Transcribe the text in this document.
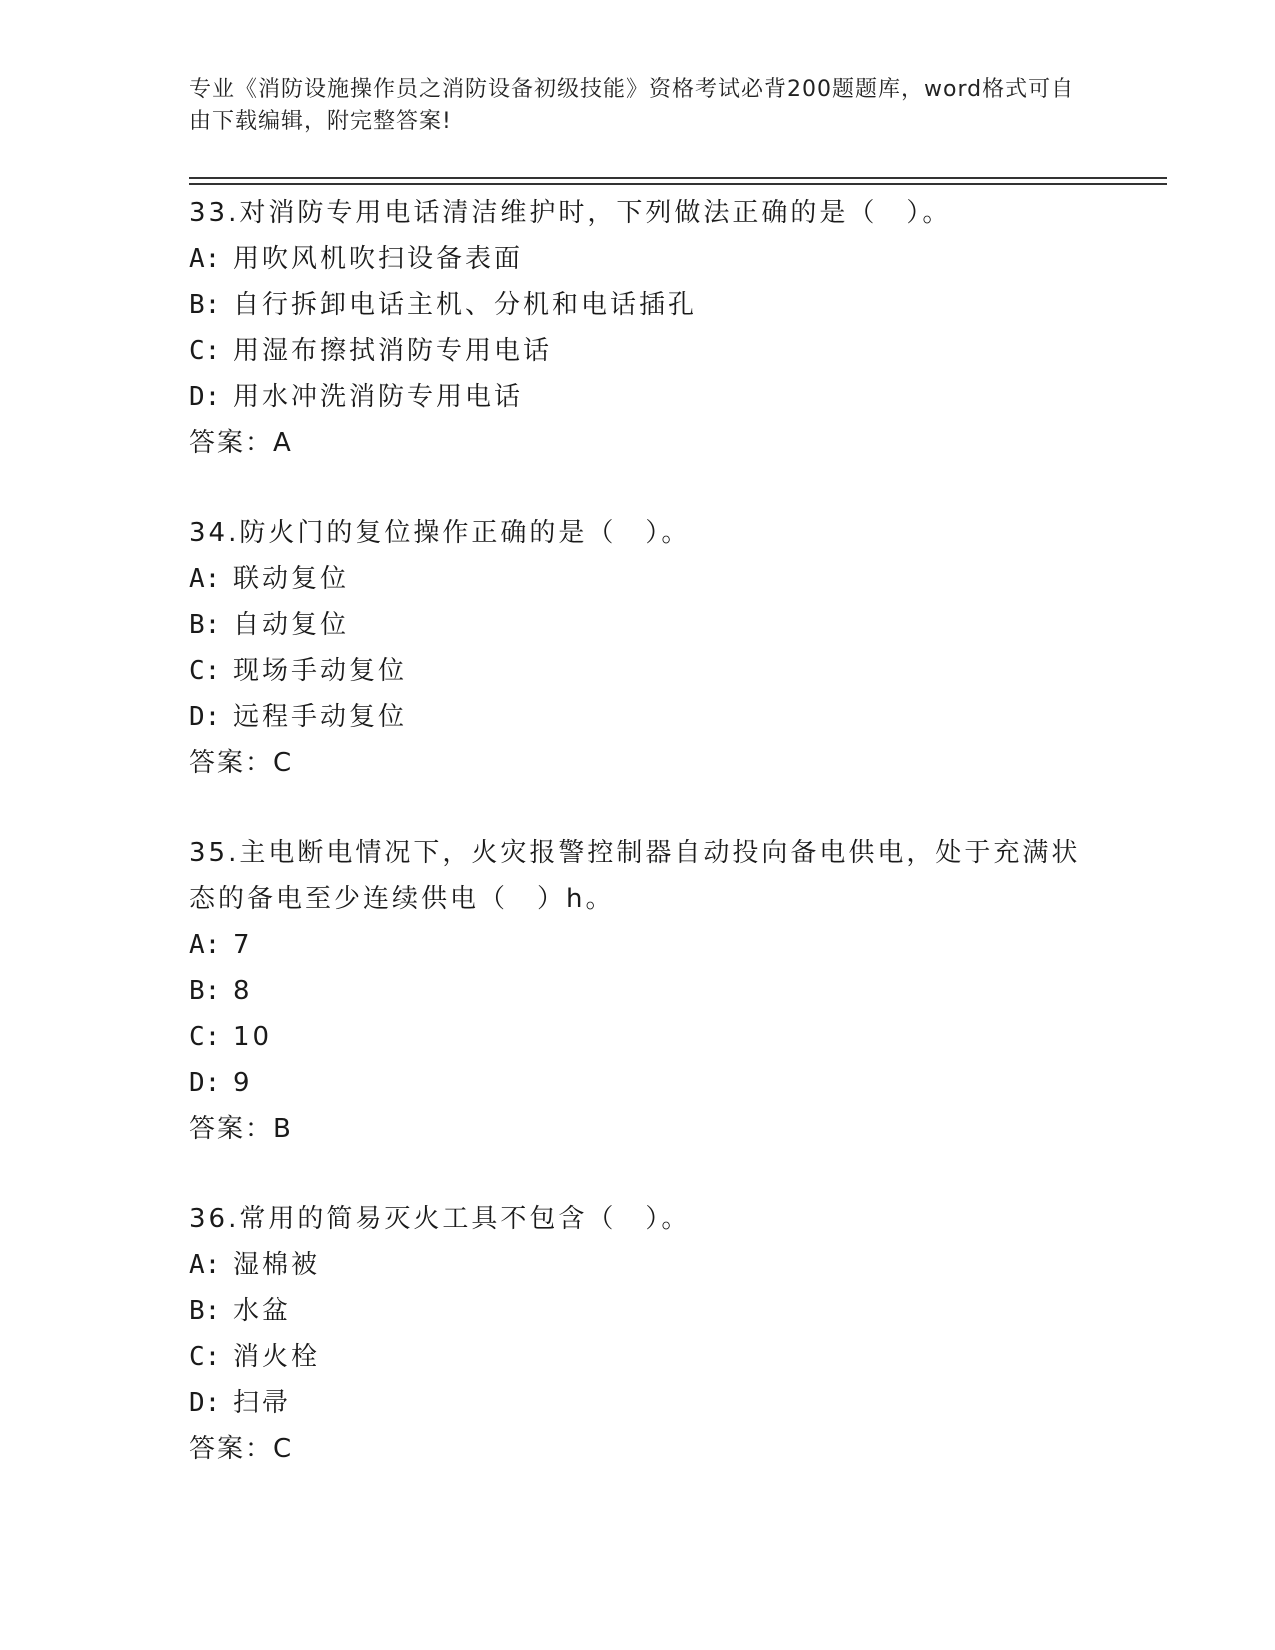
专业《消防设施操作员之消防设备初级技能》资格考试必背200题题库，word格式可自由下载编辑，附完整答案!
33.对消防专用电话清洁维护时，下列做法正确的是（　）。
A: 用吹风机吹扫设备表面
B: 自行拆卸电话主机、分机和电话插孔
C: 用湿布擦拭消防专用电话
D: 用水冲洗消防专用电话
答案：A
34.防火门的复位操作正确的是（　）。
A: 联动复位
B: 自动复位
C: 现场手动复位
D: 远程手动复位
答案：C
35.主电断电情况下，火灾报警控制器自动投向备电供电，处于充满状态的备电至少连续供电（　）h。
A: 7
B: 8
C: 10
D: 9
答案：B
36.常用的简易灭火工具不包含（　）。
A: 湿棉被
B: 水盆
C: 消火栓
D: 扫帚
答案：C
